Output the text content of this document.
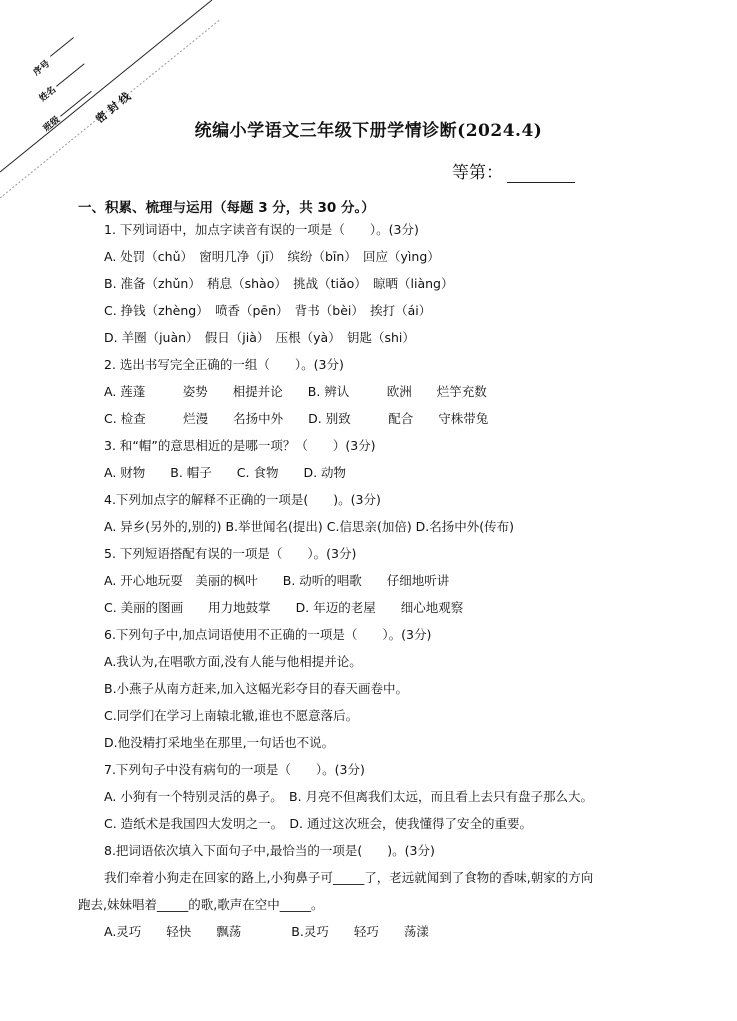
序号
姓名
班级	密 封 线
统编小学语文三年级下册学情诊断(2024.4)
等第：
一、积累、梳理与运用（每题 3 分，共 30 分。）
1. 下列词语中，加点字读音有误的一项是（　　）。(3分)
A. 处罚（chǔ）　窗明几净（jī）　缤纷（bīn）　回应（yìng）
B. 准备（zhǔn）　稍息（shào）　挑战（tiǎo）　晾晒（liàng）
C. 挣钱（zhèng）　喷香（pēn）　背书（bèi）　挨打（ái）
D. 羊圈（juàn）　假日（jià）　压根（yà）　钥匙（shi）
2. 选出书写完全正确的一组（　　）。(3分)
A. 莲蓬　　　姿势　　相提并论　　B. 辨认　　　欧洲　　烂竽充数
C. 检查　　　烂漫　　名扬中外　　D. 别致　　　配合　　守株带兔
3. 和“帽”的意思相近的是哪一项？（　　）(3分)
A. 财物　　B. 帽子　　C. 食物　　D. 动物
4.下列加点字的解释不正确的一项是(　　)。(3分)
A. 异乡(另外的,别的) B.举世闻名(提出) C.信思亲(加倍) D.名扬中外(传布)
5. 下列短语搭配有误的一项是（　　）。(3分)
A. 开心地玩耍　美丽的枫叶　　B. 动听的唱歌　　仔细地听讲
C. 美丽的图画　　用力地鼓掌　　D. 年迈的老屋　　细心地观察
6.下列句子中,加点词语使用不正确的一项是（　　）。(3分)
A.我认为,在唱歌方面,没有人能与他相提并论。
B.小燕子从南方赶来,加入这幅光彩夺目的春天画卷中。
C.同学们在学习上南辕北辙,谁也不愿意落后。
D.他没精打采地坐在那里,一句话也不说。
7.下列句子中没有病句的一项是（　　）。(3分)
A. 小狗有一个特别灵活的鼻子。　B. 月亮不但离我们太远，而且看上去只有盘子那么大。
C. 造纸术是我国四大发明之一。　D. 通过这次班会，使我懂得了安全的重要。
8.把词语依次填入下面句子中,最恰当的一项是(　　)。(3分)
我们牵着小狗走在回家的路上,小狗鼻子可_____了，老远就闻到了食物的香味,朝家的方向
跑去,妹妹唱着_____的歌,歌声在空中_____。
A.灵巧　　轻快　　飘荡　　　　B.灵巧　　轻巧　　荡漾
